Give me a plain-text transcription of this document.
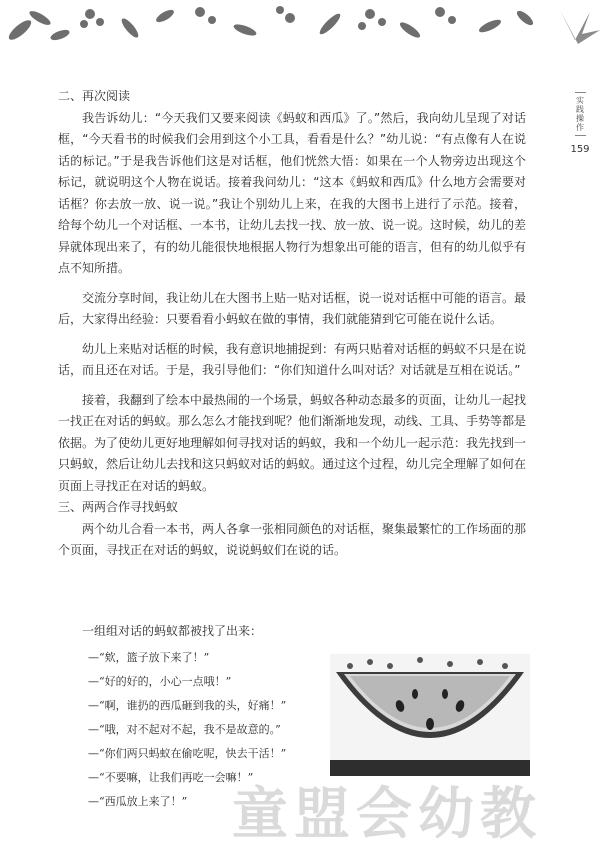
实践操作
159

二、再次阅读

我告诉幼儿：“今天我们又要来阅读《蚂蚁和西瓜》了。”然后，我向幼儿呈现了对话框，“今天看书的时候我们会用到这个小工具，看看是什么？”幼儿说：“有点像有人在说话的标记。”于是我告诉他们这是对话框，他们恍然大悟：如果在一个人物旁边出现这个标记，就说明这个人物在说话。接着我问幼儿：“这本《蚂蚁和西瓜》什么地方会需要对话框？你去放一放、说一说。”我让个别幼儿上来，在我的大图书上进行了示范。接着，给每个幼儿一个对话框、一本书，让幼儿去找一找、放一放、说一说。这时候，幼儿的差异就体现出来了，有的幼儿能很快地根据人物行为想象出可能的语言，但有的幼儿似乎有点不知所措。

交流分享时间，我让幼儿在大图书上贴一贴对话框，说一说对话框中可能的语言。最后，大家得出经验：只要看看小蚂蚁在做的事情，我们就能猜到它可能在说什么话。

幼儿上来贴对话框的时候，我有意识地捕捉到：有两只贴着对话框的蚂蚁不只是在说话，而且还在对话。于是，我引导他们：“你们知道什么叫对话？对话就是互相在说话。”

接着，我翻到了绘本中最热闹的一个场景，蚂蚁各种动态最多的页面，让幼儿一起找一找正在对话的蚂蚁。那么怎么才能找到呢？他们渐渐地发现，动线、工具、手势等都是依据。为了使幼儿更好地理解如何寻找对话的蚂蚁，我和一个幼儿一起示范：我先找到一只蚂蚁，然后让幼儿去找和这只蚂蚁对话的蚂蚁。通过这个过程，幼儿完全理解了如何在页面上寻找正在对话的蚂蚁。

三、两两合作寻找蚂蚁

两个幼儿合看一本书，两人各拿一张相同颜色的对话框，聚集最繁忙的工作场面的那个页面，寻找正在对话的蚂蚁，说说蚂蚁们在说的话。

一组组对话的蚂蚁都被找了出来：
—“欸，篮子放下来了！”
—“好的好的，小心一点哦！”
—“啊，谁扔的西瓜砸到我的头，好痛！”
—“哦，对不起对不起，我不是故意的。”
—“你们两只蚂蚁在偷吃呢，快去干活！”
—“不要嘛，让我们再吃一会嘛！”
—“西瓜放上来了！” 童盟会幼教
